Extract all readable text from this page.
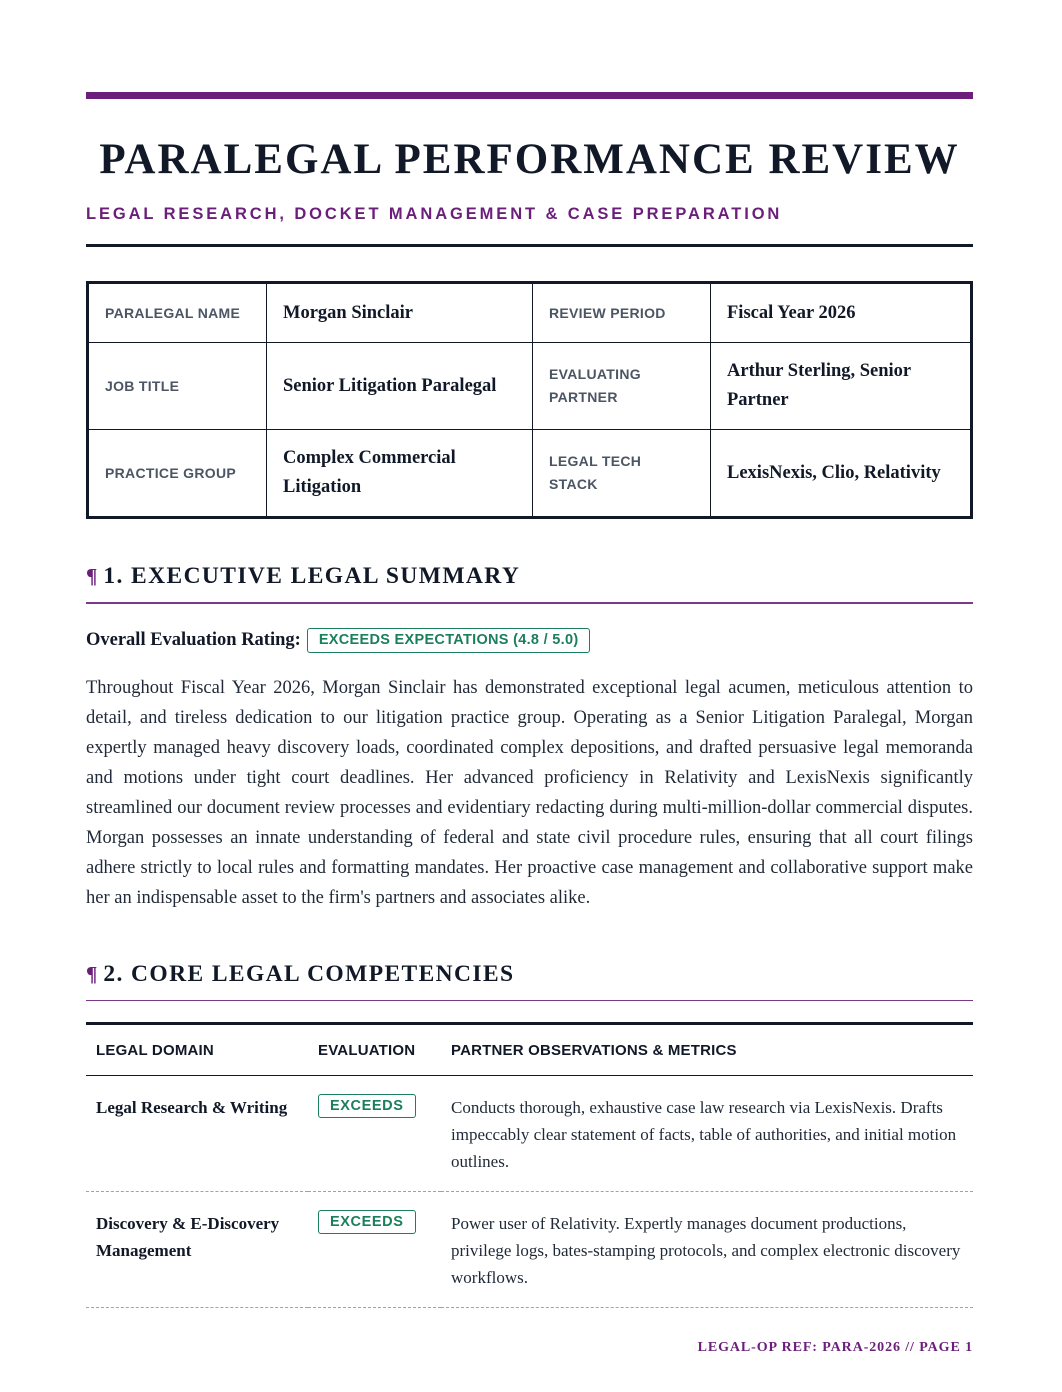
PARALEGAL PERFORMANCE REVIEW
LEGAL RESEARCH, DOCKET MANAGEMENT & CASE PREPARATION
PARALEGAL NAME	Morgan Sinclair	REVIEW PERIOD	Fiscal Year 2026
JOB TITLE	Senior Litigation Paralegal	EVALUATING PARTNER	Arthur Sterling, Senior Partner
PRACTICE GROUP	Complex Commercial Litigation	LEGAL TECH STACK	LexisNexis, Clio, Relativity
¶ 1. EXECUTIVE LEGAL SUMMARY
Overall Evaluation Rating:	EXCEEDS EXPECTATIONS (4.8 / 5.0)

Throughout Fiscal Year 2026, Morgan Sinclair has demonstrated exceptional legal acumen, meticulous attention to detail, and tireless dedication to our litigation practice group. Operating as a Senior Litigation Paralegal, Morgan expertly managed heavy discovery loads, coordinated complex depositions, and drafted persuasive legal memoranda and motions under tight court deadlines. Her advanced proficiency in Relativity and LexisNexis significantly streamlined our document review processes and evidentiary redacting during multi-million-dollar commercial disputes. Morgan possesses an innate understanding of federal and state civil procedure rules, ensuring that all court filings adhere strictly to local rules and formatting mandates. Her proactive case management and collaborative support make her an indispensable asset to the firm's partners and associates alike.

¶ 2. CORE LEGAL COMPETENCIES
LEGAL DOMAIN	EVALUATION	PARTNER OBSERVATIONS & METRICS
Legal Research & Writing	EXCEEDS	Conducts thorough, exhaustive case law research via LexisNexis. Drafts impeccably clear statement of facts, table of authorities, and initial motion outlines.
Discovery & E-Discovery Management	EXCEEDS	Power user of Relativity. Expertly manages document productions, privilege logs, bates-stamping protocols, and complex electronic discovery workflows.
LEGAL-OP REF: PARA-2026 // PAGE 1
